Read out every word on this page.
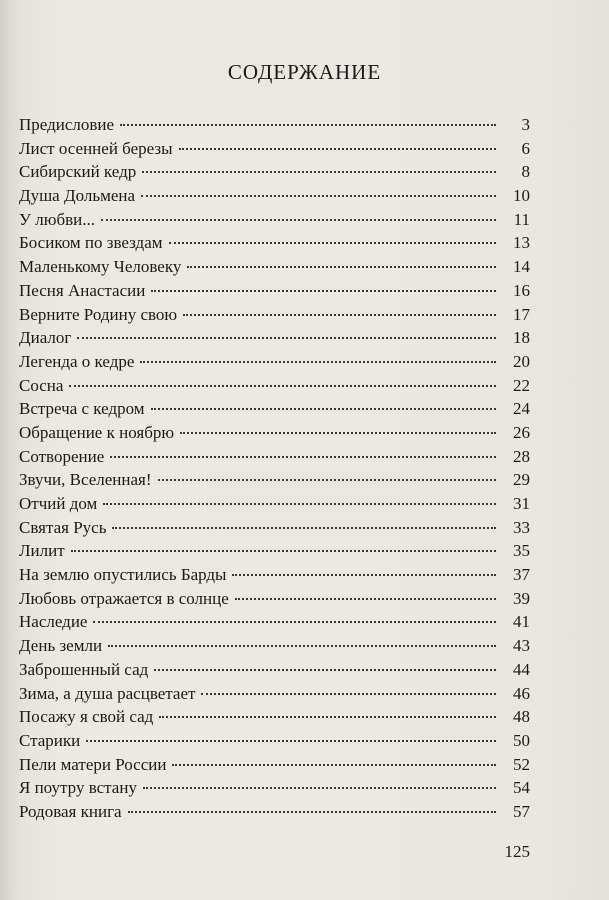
СОДЕРЖАНИЕ
Предисловие	3
Лист осенней березы	6
Сибирский кедр	8
Душа Дольмена	10
У любви...	11
Босиком по звездам	13
Маленькому Человеку	14
Песня Анастасии	16
Верните Родину свою	17
Диалог	18
Легенда о кедре	20
Сосна	22
Встреча с кедром	24
Обращение к ноябрю	26
Сотворение	28
Звучи, Вселенная!	29
Отчий дом	31
Святая Русь	33
Лилит	35
На землю опустились Барды	37
Любовь отражается в солнце	39
Наследие	41
День земли	43
Заброшенный сад	44
Зима, а душа расцветает	46
Посажу я свой сад	48
Старики	50
Пели матери России	52
Я поутру встану	54
Родовая книга	57
125
